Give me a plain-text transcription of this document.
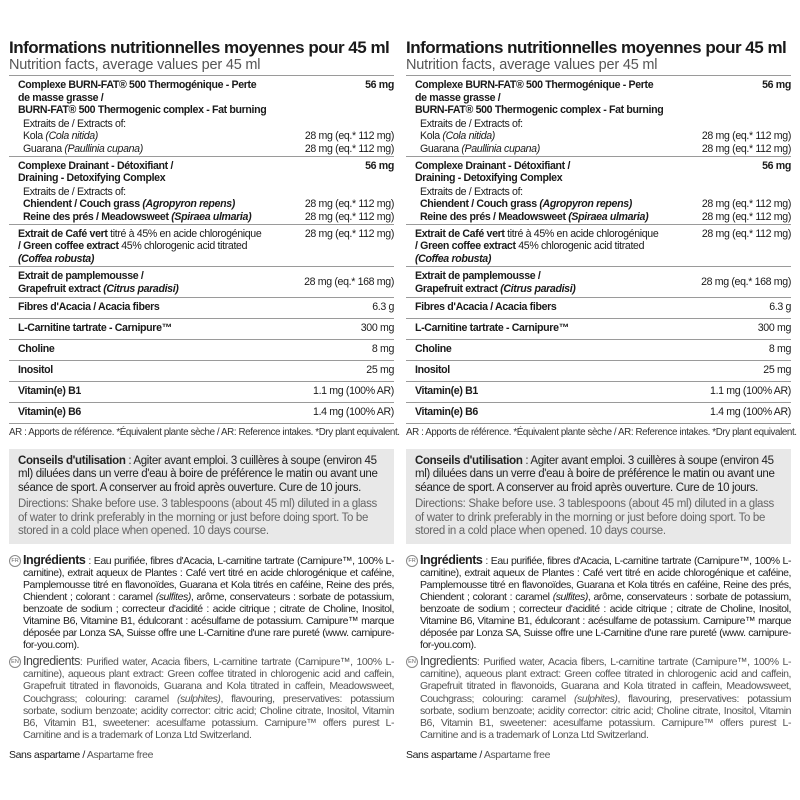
Informations nutritionnelles moyennes pour 45 ml
Nutrition facts, average values per 45 ml
Complexe BURN-FAT® 500 Thermogénique - Perte
de masse grasse /
BURN-FAT® 500 Thermogenic complex - Fat burning	56 mg
Extraits de / Extracts of:	
Kola (Cola nitida)	28 mg (eq.* 112 mg)
Guarana (Paullinia cupana)	28 mg (eq.* 112 mg)
Complexe Drainant - Détoxifiant /
Draining - Detoxifying Complex	56 mg
Extraits de / Extracts of:	
Chiendent / Couch grass (Agropyron repens)	28 mg (eq.* 112 mg)
Reine des prés / Meadowsweet (Spiraea ulmaria)	28 mg (eq.* 112 mg)
Extrait de Café vert titré à 45% en acide chlorogénique
/ Green coffee extract 45% chlorogenic acid titrated
(Coffea robusta)	28 mg (eq.* 112 mg)
Extrait de pamplemousse /
Grapefruit extract (Citrus paradisi)	28 mg (eq.* 168 mg)
Fibres d'Acacia / Acacia fibers	6.3 g
L-Carnitine tartrate - Carnipure™	300 mg
Choline	8 mg
Inositol	25 mg
Vitamin(e) B1	1.1 mg (100% AR)
Vitamin(e) B6	1.4 mg (100% AR)
AR : Apports de référence. *Équivalent plante sèche / AR: Reference intakes. *Dry plant equivalent.
Conseils d'utilisation : Agiter avant emploi. 3 cuillères à soupe (environ 45 ml) diluées dans un verre d'eau à boire de préférence le matin ou avant une séance de sport. A conserver au froid après ouverture. Cure de 10 jours.
Directions: Shake before use. 3 tablespoons (about 45 ml) diluted in a glass of water to drink preferably in the morning or just before doing sport. To be stored in a cold place when opened. 10 days course.
FR Ingrédients : Eau purifiée, fibres d'Acacia, L-carnitine tartrate (Carnipure™, 100% L-carnitine), extrait aqueux de Plantes : Café vert titré en acide chlorogénique et caféine, Pamplemousse titré en flavonoïdes, Guarana et Kola titrés en caféine, Reine des prés, Chiendent ; colorant : caramel (sulfites), arôme, conservateurs : sorbate de potassium, benzoate de sodium ; correcteur d'acidité : acide citrique ; citrate de Choline, Inositol, Vitamine B6, Vitamine B1, édulcorant : acésulfame de potassium. Carnipure™ marque déposée par Lonza SA, Suisse offre une L-Carnitine d'une rare pureté (www. carnipure-for-you.com).
EN Ingredients: Purified water, Acacia fibers, L-carnitine tartrate (Carnipure™, 100% L-carnitine), aqueous plant extract: Green coffee titrated in chlorogenic acid and caffein, Grapefruit titrated in flavonoids, Guarana and Kola titrated in caffein, Meadowsweet, Couchgrass; colouring: caramel (sulphites), flavouring, preservatives: potassium sorbate, sodium benzoate; acidity corrector: citric acid; Choline citrate, Inositol, Vitamin B6, Vitamin B1, sweetener: acesulfame potassium. Carnipure™ offers purest L-Carnitine and is a trademark of Lonza Ltd Switzerland.
Sans aspartame / Aspartame free
Informations nutritionnelles moyennes pour 45 ml
Nutrition facts, average values per 45 ml
Complexe BURN-FAT® 500 Thermogénique - Perte
de masse grasse /
BURN-FAT® 500 Thermogenic complex - Fat burning	56 mg
Extraits de / Extracts of:	
Kola (Cola nitida)	28 mg (eq.* 112 mg)
Guarana (Paullinia cupana)	28 mg (eq.* 112 mg)
Complexe Drainant - Détoxifiant /
Draining - Detoxifying Complex	56 mg
Extraits de / Extracts of:	
Chiendent / Couch grass (Agropyron repens)	28 mg (eq.* 112 mg)
Reine des prés / Meadowsweet (Spiraea ulmaria)	28 mg (eq.* 112 mg)
Extrait de Café vert titré à 45% en acide chlorogénique
/ Green coffee extract 45% chlorogenic acid titrated
(Coffea robusta)	28 mg (eq.* 112 mg)
Extrait de pamplemousse /
Grapefruit extract (Citrus paradisi)	28 mg (eq.* 168 mg)
Fibres d'Acacia / Acacia fibers	6.3 g
L-Carnitine tartrate - Carnipure™	300 mg
Choline	8 mg
Inositol	25 mg
Vitamin(e) B1	1.1 mg (100% AR)
Vitamin(e) B6	1.4 mg (100% AR)
AR : Apports de référence. *Équivalent plante sèche / AR: Reference intakes. *Dry plant equivalent.
Conseils d'utilisation : Agiter avant emploi. 3 cuillères à soupe (environ 45 ml) diluées dans un verre d'eau à boire de préférence le matin ou avant une séance de sport. A conserver au froid après ouverture. Cure de 10 jours.
Directions: Shake before use. 3 tablespoons (about 45 ml) diluted in a glass of water to drink preferably in the morning or just before doing sport. To be stored in a cold place when opened. 10 days course.
FR Ingrédients : Eau purifiée, fibres d'Acacia, L-carnitine tartrate (Carnipure™, 100% L-carnitine), extrait aqueux de Plantes : Café vert titré en acide chlorogénique et caféine, Pamplemousse titré en flavonoïdes, Guarana et Kola titrés en caféine, Reine des prés, Chiendent ; colorant : caramel (sulfites), arôme, conservateurs : sorbate de potassium, benzoate de sodium ; correcteur d'acidité : acide citrique ; citrate de Choline, Inositol, Vitamine B6, Vitamine B1, édulcorant : acésulfame de potassium. Carnipure™ marque déposée par Lonza SA, Suisse offre une L-Carnitine d'une rare pureté (www. carnipure-for-you.com).
EN Ingredients: Purified water, Acacia fibers, L-carnitine tartrate (Carnipure™, 100% L-carnitine), aqueous plant extract: Green coffee titrated in chlorogenic acid and caffein, Grapefruit titrated in flavonoids, Guarana and Kola titrated in caffein, Meadowsweet, Couchgrass; colouring: caramel (sulphites), flavouring, preservatives: potassium sorbate, sodium benzoate; acidity corrector: citric acid; Choline citrate, Inositol, Vitamin B6, Vitamin B1, sweetener: acesulfame potassium. Carnipure™ offers purest L-Carnitine and is a trademark of Lonza Ltd Switzerland.
Sans aspartame / Aspartame free
